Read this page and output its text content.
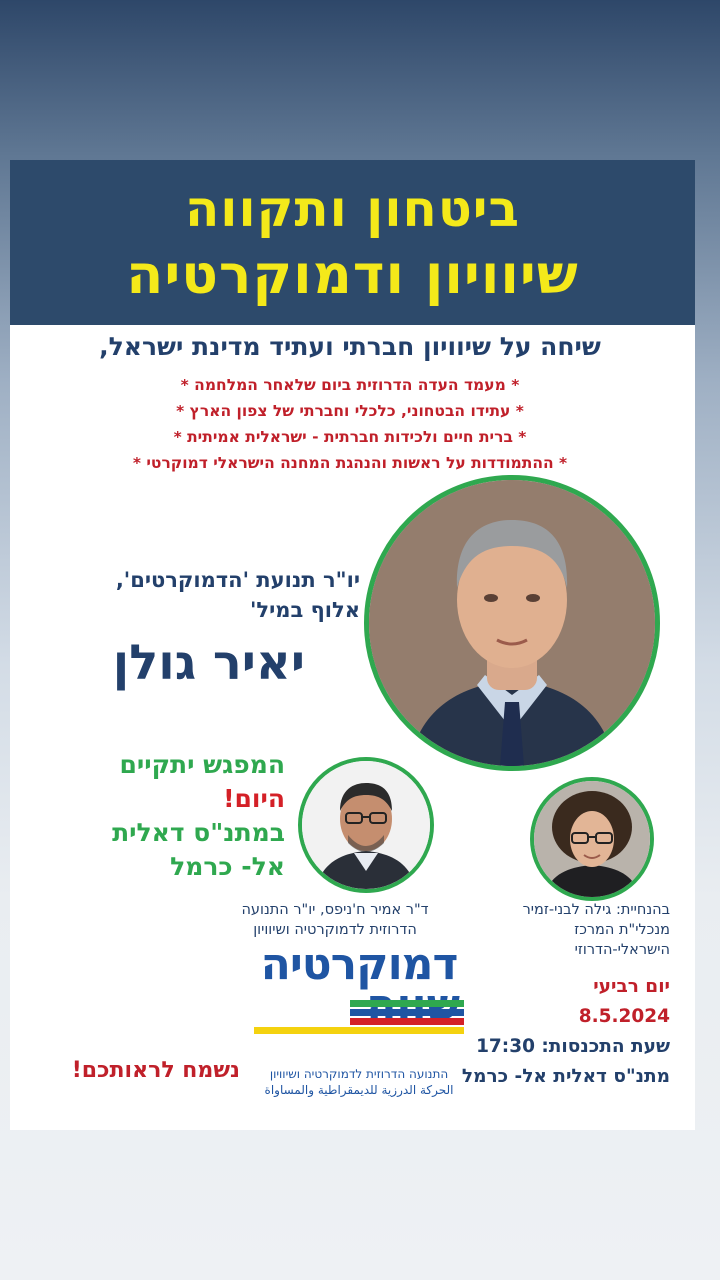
ביטחון ותקווה
שיוויון ודמוקרטיה
שיחה על שיוויון חברתי ועתיד מדינת ישראל,
* מעמד העדה הדרוזית ביום שלאחר המלחמה *
* עתידו הבטחוני, כלכלי וחברתי של צפון הארץ *
* ברית חיים ולכידות חברתית - ישראלית אמיתית *
* ההתמודדות על ראשות והנהגת המחנה הישראלי דמוקרטי *
יו"ר תנועת 'הדמוקרטים',
אלוף במיל'
יאיר גולן
המפגש יתקיים
היום!
במתנ"ס דאלית
אל- כרמל
ד"ר אמיר ח'ניפס, יו"ר התנועה
הדרוזית לדמוקרטיה ושיוויון
בהנחיית: גילה לבני-זמיר
מנכלי"ת המרכז
הישראלי-הדרוזי
דמוקרטיה
התנועה הדרוזית לדמוקרטיה ושיוויון
الحركة الدرزية للديمقراطية والمساواة
יום רביעי
8.5.2024
שעת התכנסות: 17:30
מתנ"ס דאלית אל- כרמל
נשמח לראותכם!
